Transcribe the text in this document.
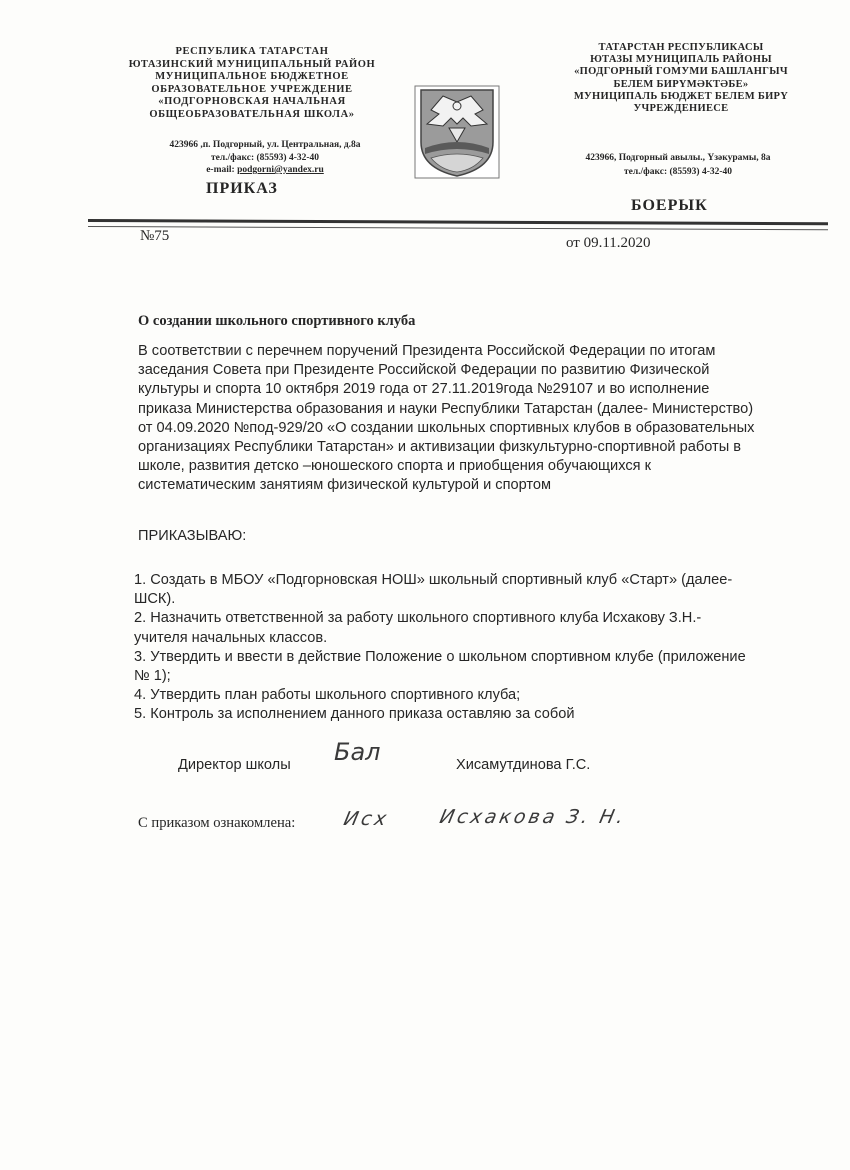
РЕСПУБЛИКА ТАТАРСТАН
ЮТАЗИНСКИЙ МУНИЦИПАЛЬНЫЙ РАЙОН
МУНИЦИПАЛЬНОЕ БЮДЖЕТНОЕ
ОБРАЗОВАТЕЛЬНОЕ УЧРЕЖДЕНИЕ
«ПОДГОРНОВСКАЯ НАЧАЛЬНАЯ
ОБЩЕОБРАЗОВАТЕЛЬНАЯ ШКОЛА»
423966 ,п. Подгорный, ул. Центральная, д.8а
тел./факс: (85593) 4-32-40
e-mail: podgorni@yandex.ru
ПРИКАЗ
ТАТАРСТАН РЕСПУБЛИКАСЫ
ЮТАЗЫ МУНИЦИПАЛЬ РАЙОНЫ
«ПОДГОРНЫЙ ГОМУМИ БАШЛАНГЫЧ
БЕЛЕМ БИРҮМӘКТӘБЕ»
МУНИЦИПАЛЬ БЮДЖЕТ БЕЛЕМ БИРҮ
УЧРЕЖДЕНИЕСЕ
423966, Подгорный авылы., Үзәкурамы, 8а
тел./факс: (85593) 4-32-40
БОЕРЫК
№75	от 09.11.2020
О создании школьного спортивного клуба
В соответствии с перечнем поручений Президента Российской Федерации по итогам
заседания Совета при Президенте Российской Федерации по развитию Физической
культуры и спорта 10 октября 2019 года от 27.11.2019года №29107 и во исполнение
приказа Министерства образования и науки Республики Татарстан (далее- Министерство)
от 04.09.2020 №под-929/20 «О создании школьных спортивных клубов в образовательных
организациях Республики Татарстан» и активизации физкультурно-спортивной работы в
школе, развития детско –юношеского спорта и приобщения обучающихся к
систематическим занятиям физической культурой и спортом
ПРИКАЗЫВАЮ:
1. Создать в МБОУ «Подгорновская НОШ» школьный спортивный клуб «Старт» (далее-
ШСК).
2. Назначить ответственной за работу школьного спортивного клуба Исхакову З.Н.-
учителя начальных классов.
3. Утвердить и ввести в действие Положение о школьном спортивном клубе (приложение
№ 1);
4. Утвердить план работы школьного спортивного клуба;
5. Контроль за исполнением данного приказа оставляю за собой
Директор школы Бал	Хисамутдинова Г.С.
С приказом ознакомлена: Исх Исхакова З. Н.
